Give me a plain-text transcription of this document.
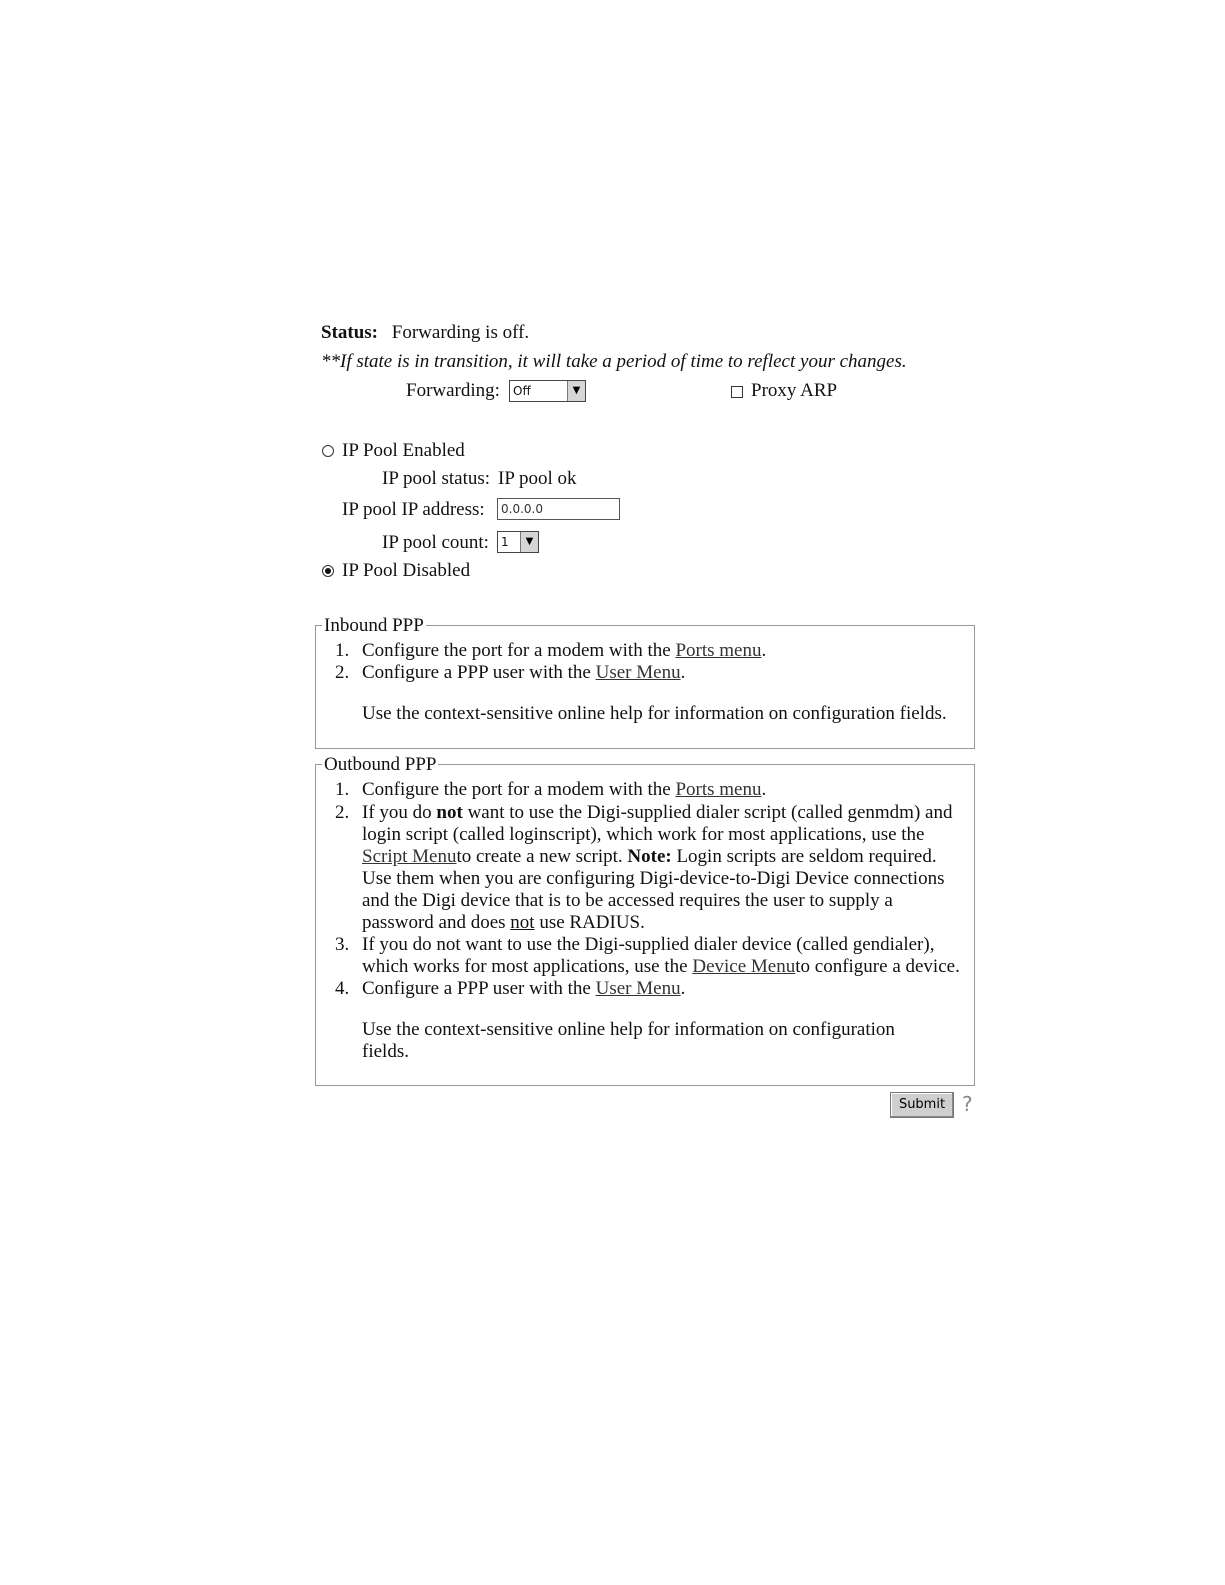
Status: Forwarding is off.
**If state is in transition, it will take a period of time to reflect your changes.
Forwarding:	Off	▼	Proxy ARP
IP Pool Enabled
IP pool status: IP pool ok
IP pool IP address:	0.0.0.0
IP pool count:	1	▼
IP Pool Disabled
Inbound PPP
1. Configure the port for a modem with the Ports menu.
2. Configure a PPP user with the User Menu.
Use the context-sensitive online help for information on configuration fields.
Outbound PPP
1. Configure the port for a modem with the Ports menu.
2. If you do not want to use the Digi-supplied dialer script (called genmdm) and
login script (called loginscript), which work for most applications, use the
Script Menuto create a new script. Note: Login scripts are seldom required.
Use them when you are configuring Digi-device-to-Digi Device connections
and the Digi device that is to be accessed requires the user to supply a
password and does not use RADIUS.
3. If you do not want to use the Digi-supplied dialer device (called gendialer),
which works for most applications, use the Device Menuto configure a device.
4. Configure a PPP user with the User Menu.
Use the context-sensitive online help for information on configuration
fields.
Submit ?
